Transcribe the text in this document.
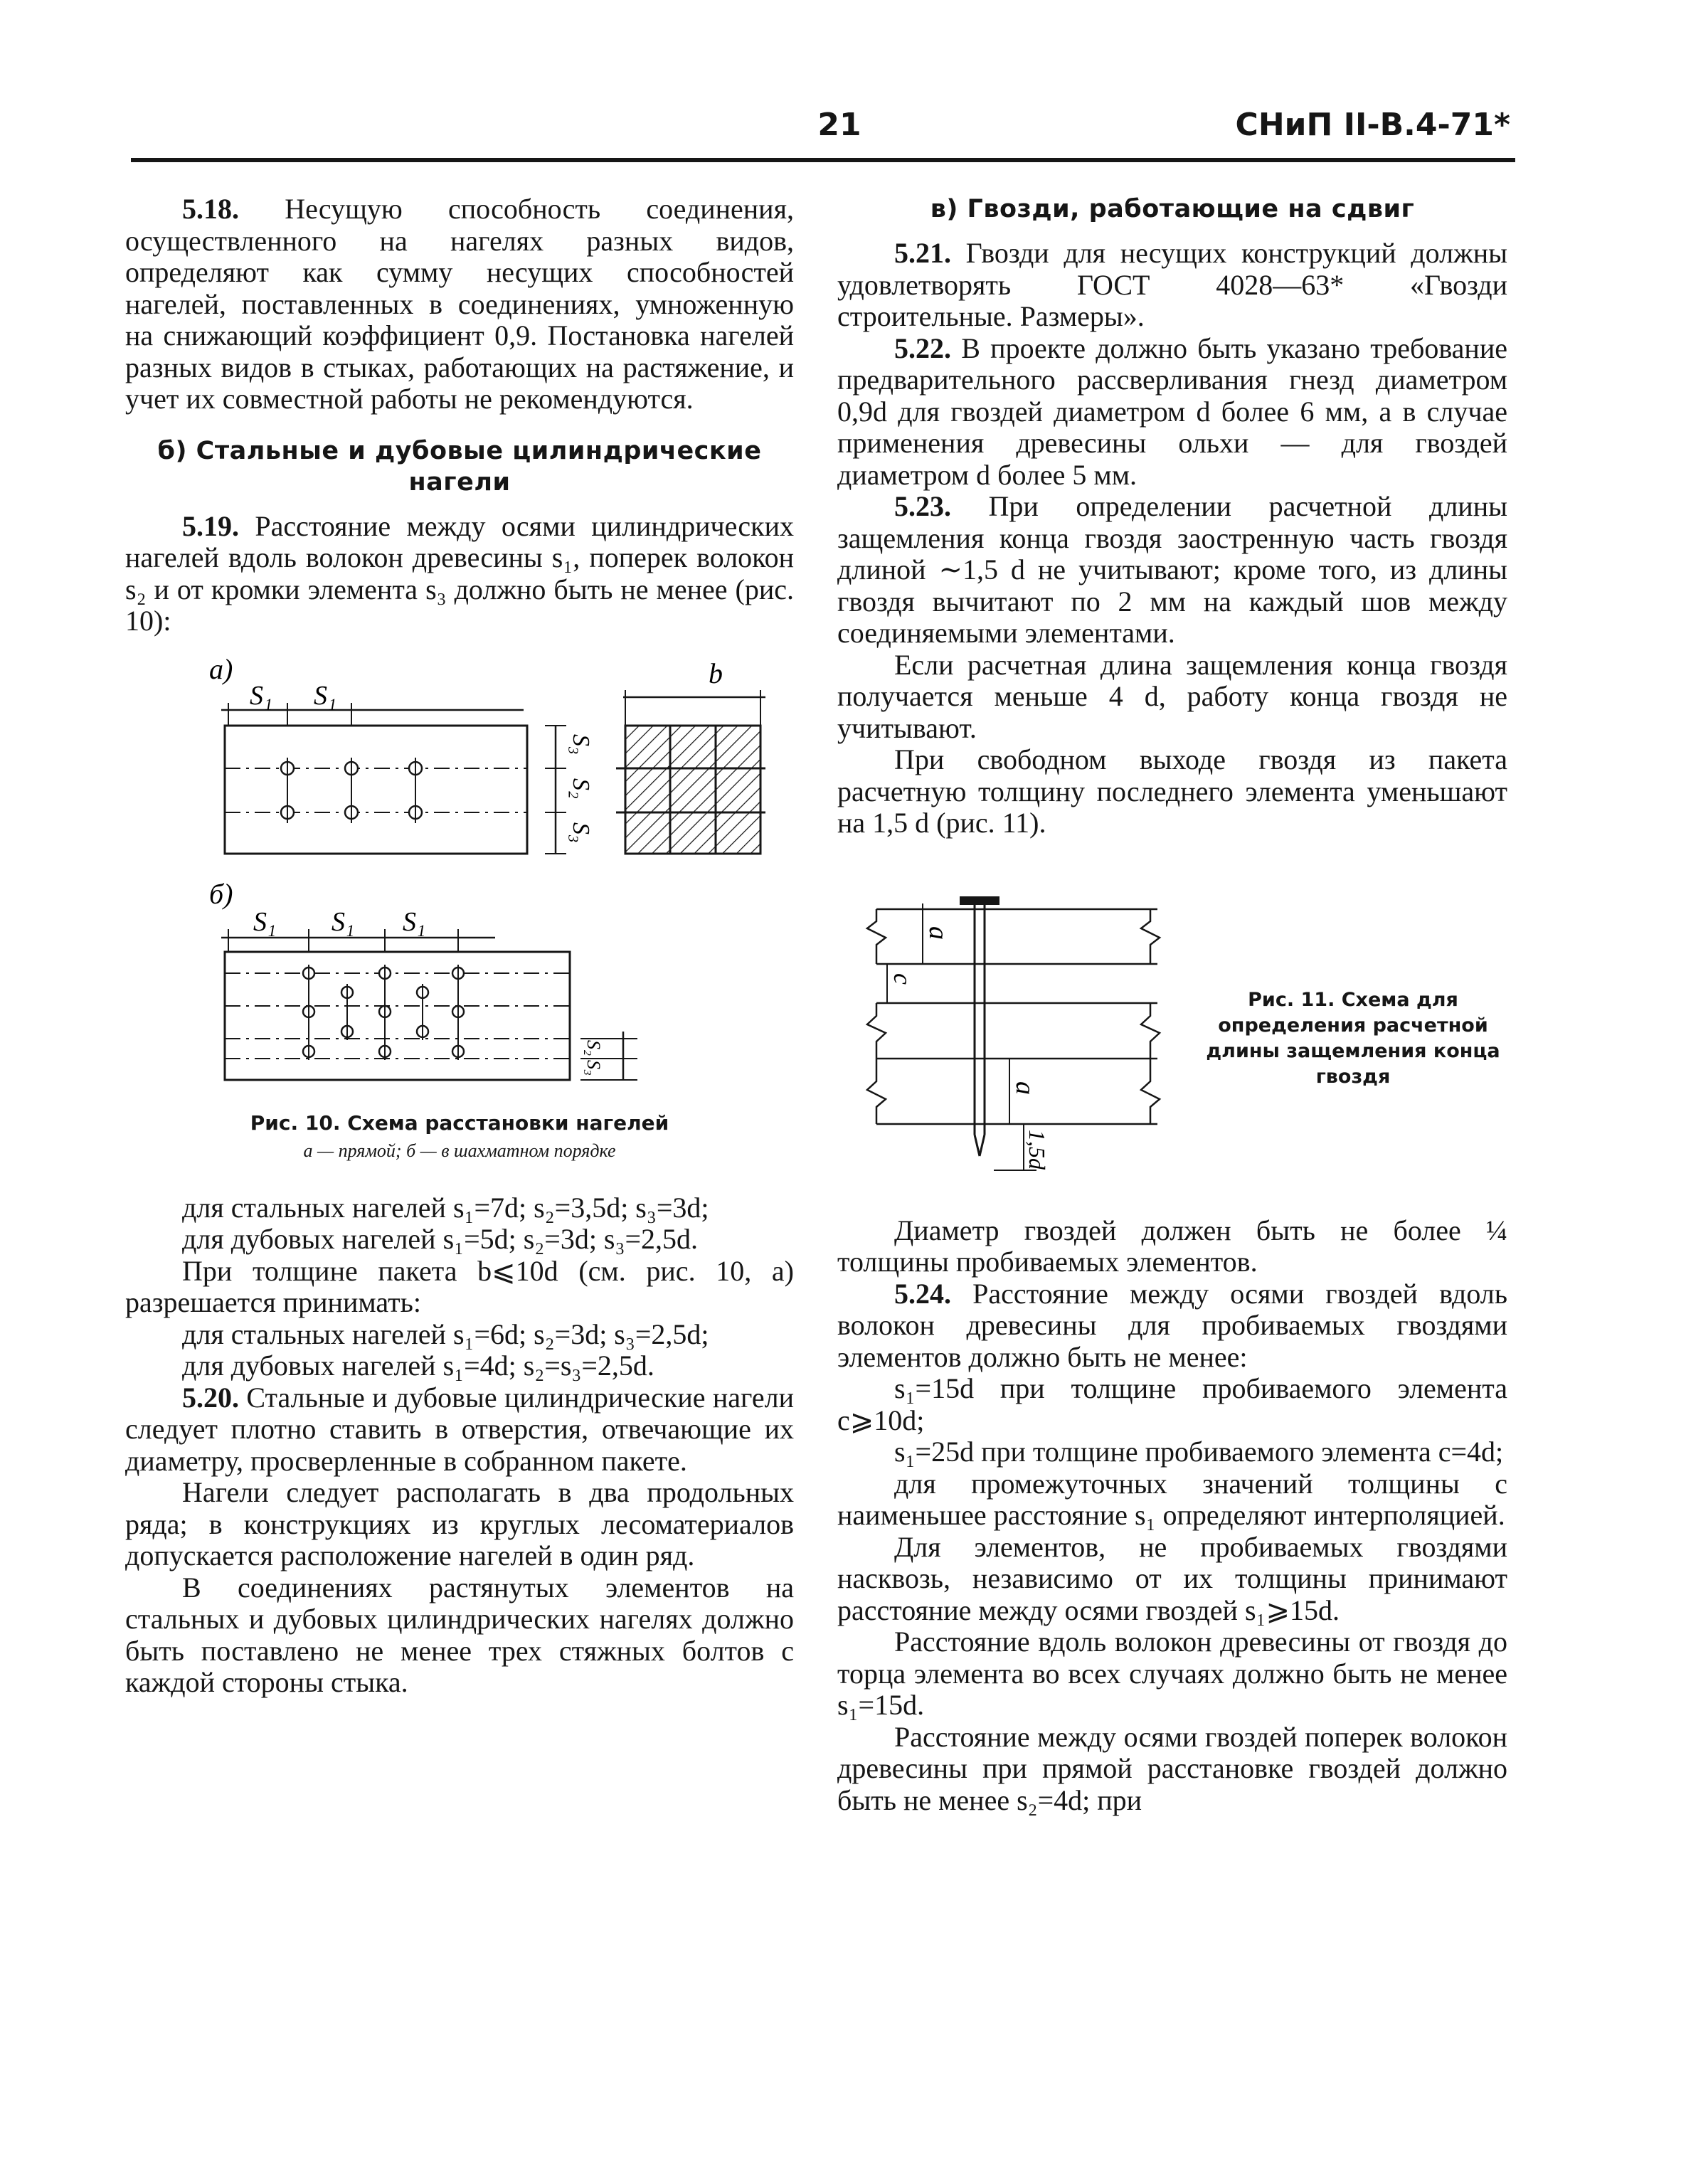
21	СНиП II-В.4-71*

5.18. Несущую способность соединения, осуществленного на нагелях разных видов, определяют как сумму несущих способностей нагелей, поставленных в соединениях, умноженную на снижающий коэффициент 0,9. Постановка нагелей разных видов в стыках, работающих на растяжение, и учет их совместной работы не рекомендуются.

б) Стальные и дубовые цилиндрические нагели

5.19. Расстояние между осями цилиндрических нагелей вдоль волокон древесины s₁, поперек волокон s₂ и от кромки элемента s₃ должно быть не менее (рис. 10):

а)
S₁ S₁
S₃
S₂
S₃
b
б)
S₁ S₁ S₁
S₂
S₃

Рис. 10. Схема расстановки нагелей

а — прямой; б — в шахматном порядке

для стальных нагелей s₁=7d; s₂=3,5d; s₃=3d;

для дубовых нагелей s₁=5d; s₂=3d; s₃=2,5d.

При толщине пакета b⩽10d (см. рис. 10, а) разрешается принимать:

для стальных нагелей s₁=6d; s₂=3d; s₃=2,5d;

для дубовых нагелей s₁=4d; s₂=s₃=2,5d.

5.20. Стальные и дубовые цилиндрические нагели следует плотно ставить в отверстия, отвечающие их диаметру, просверленные в собранном пакете.

Нагели следует располагать в два продольных ряда; в конструкциях из круглых лесоматериалов допускается расположение нагелей в один ряд.

В соединениях растянутых элементов на стальных и дубовых цилиндрических нагелях должно быть поставлено не менее трех стяжных болтов с каждой стороны стыка.

в) Гвозди, работающие на сдвиг

5.21. Гвозди для несущих конструкций должны удовлетворять ГОСТ 4028—63* «Гвозди строительные. Размеры».

5.22. В проекте должно быть указано требование предварительного рассверливания гнезд диаметром 0,9d для гвоздей диаметром d более 6 мм, а в случае применения древесины ольхи — для гвоздей диаметром d более 5 мм.

5.23. При определении расчетной длины защемления конца гвоздя заостренную часть гвоздя длиной ∼1,5 d не учитывают; кроме того, из длины гвоздя вычитают по 2 мм на каждый шов между соединяемыми элементами.

Если расчетная длина защемления конца гвоздя получается меньше 4 d, работу конца гвоздя не учитывают.

При свободном выходе гвоздя из пакета расчетную толщину последнего элемента уменьшают на 1,5 d (рис. 11).

a
c
a
1,5d
Рис. 11. Схема для определения расчетной длины защемления конца гвоздя

Диаметр гвоздей должен быть не более ¼ толщины пробиваемых элементов.

5.24. Расстояние между осями гвоздей вдоль волокон древесины для пробиваемых гвоздями элементов должно быть не менее:

s₁=15d при толщине пробиваемого элемента c⩾10d;

s₁=25d при толщине пробиваемого элемента c=4d;

для промежуточных значений толщины c наименьшее расстояние s₁ определяют интерполяцией.

Для элементов, не пробиваемых гвоздями насквозь, независимо от их толщины принимают расстояние между осями гвоздей s₁⩾15d.

Расстояние вдоль волокон древесины от гвоздя до торца элемента во всех случаях должно быть не менее s₁=15d.

Расстояние между осями гвоздей поперек волокон древесины при прямой расстановке гвоздей должно быть не менее s₂=4d; при
